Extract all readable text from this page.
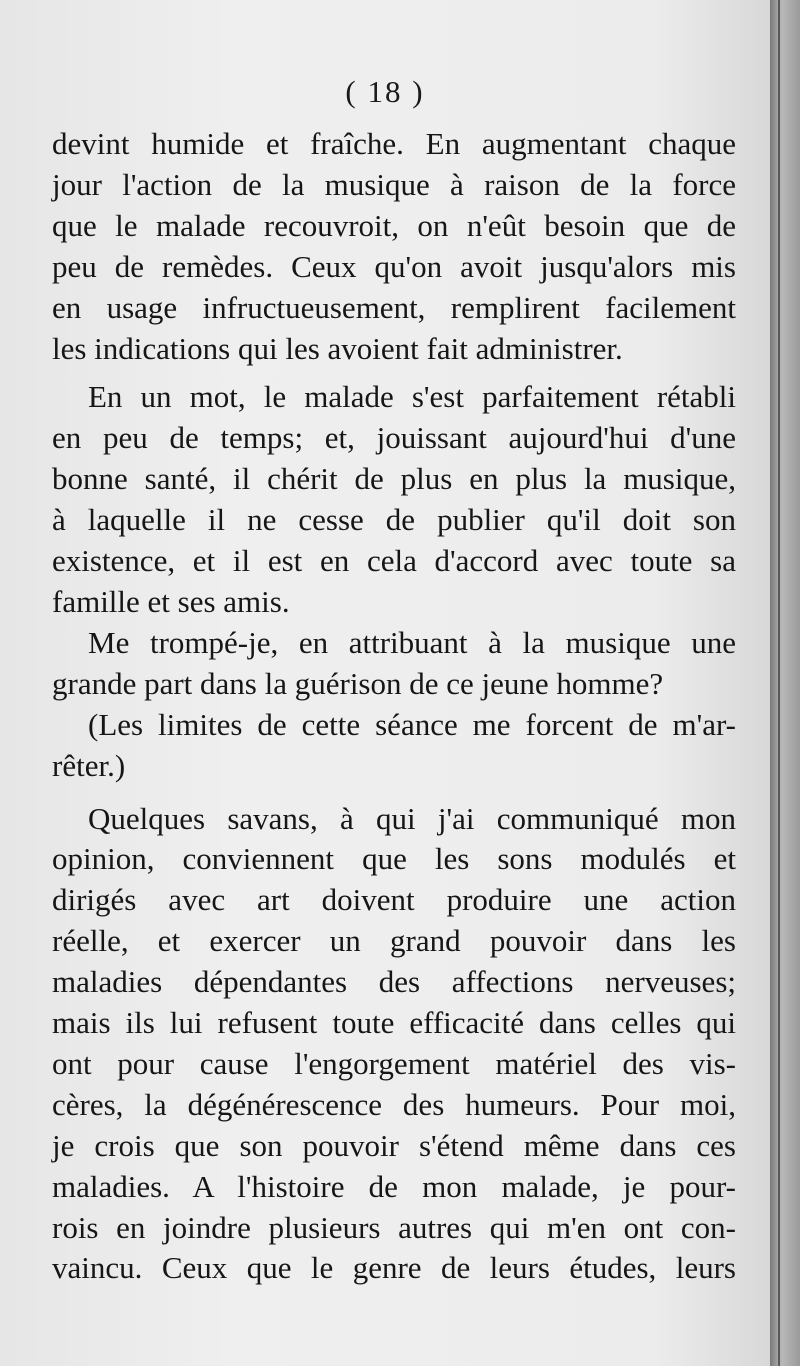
( 18 )

devint humide et fraîche. En augmentant chaque
jour l'action de la musique à raison de la force
que le malade recouvroit, on n'eût besoin que de
peu de remèdes. Ceux qu'on avoit jusqu'alors mis
en usage infructueusement, remplirent facilement
les indications qui les avoient fait administrer.

En un mot, le malade s'est parfaitement rétabli
en peu de temps; et, jouissant aujourd'hui d'une
bonne santé, il chérit de plus en plus la musique,
à laquelle il ne cesse de publier qu'il doit son
existence, et il est en cela d'accord avec toute sa
famille et ses amis.

Me trompé-je, en attribuant à la musique une
grande part dans la guérison de ce jeune homme?

(Les limites de cette séance me forcent de m'ar-
rêter.)

Quelques savans, à qui j'ai communiqué mon
opinion, conviennent que les sons modulés et
dirigés avec art doivent produire une action
réelle, et exercer un grand pouvoir dans les
maladies dépendantes des affections nerveuses;
mais ils lui refusent toute efficacité dans celles qui
ont pour cause l'engorgement matériel des vis-
cères, la dégénérescence des humeurs. Pour moi,
je crois que son pouvoir s'étend même dans ces
maladies. A l'histoire de mon malade, je pour-
rois en joindre plusieurs autres qui m'en ont con-
vaincu. Ceux que le genre de leurs études, leurs
